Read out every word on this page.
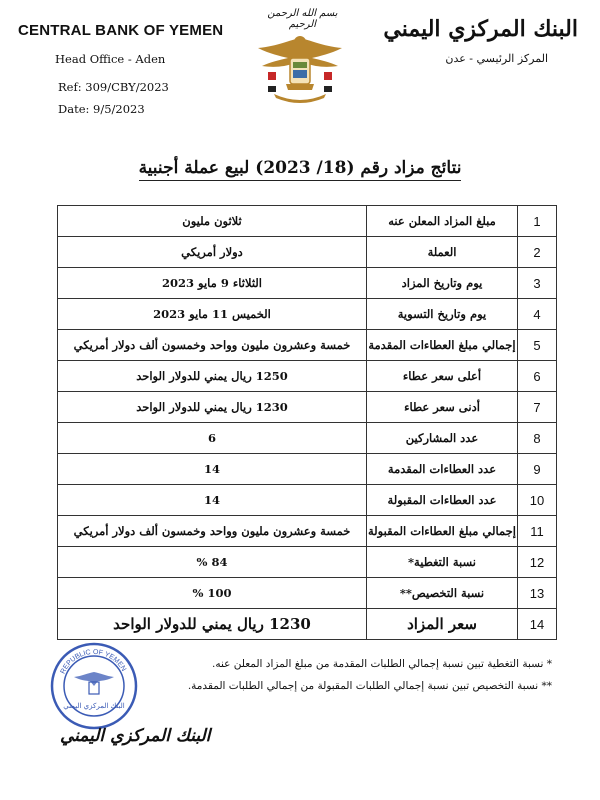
CENTRAL BANK OF YEMEN
Head Office - Aden
Ref: 309/CBY/2023
Date: 9/5/2023
بسم الله الرحمن الرحيم	البنك المركزي اليمني
المركز الرئيسي - عدن
نتائج مزاد رقم (18/ 2023) لبيع عملة أجنبية
1	مبلغ المزاد المعلن عنه	ثلاثون مليون
2	العملة	دولار أمريكي
3	يوم وتاريخ المزاد	الثلاثاء 9 مايو 2023
4	يوم وتاريخ التسوية	الخميس 11 مايو 2023
5	إجمالي مبلغ العطاءات المقدمة	خمسة وعشرون مليون وواحد وخمسون ألف دولار أمريكي
6	أعلى سعر عطاء	1250 ريال يمني للدولار الواحد
7	أدنى سعر عطاء	1230 ريال يمني للدولار الواحد
8	عدد المشاركين	6
9	عدد العطاءات المقدمة	14
10	عدد العطاءات المقبولة	14
11	إجمالي مبلغ العطاءات المقبولة	خمسة وعشرون مليون وواحد وخمسون ألف دولار أمريكي
12	نسبة التغطية*	84 %
13	نسبة التخصيص**	100 %
14	سعر المزاد	1230 ريال يمني للدولار الواحد
* نسبة التغطية تبين نسبة إجمالي الطلبات المقدمة من مبلغ المزاد المعلن عنه.
** نسبة التخصيص تبين نسبة إجمالي الطلبات المقبولة من إجمالي الطلبات المقدمة.
REPUBLIC OF YEMEN
البنك المركزي اليمني
البنك المركزي اليمني
